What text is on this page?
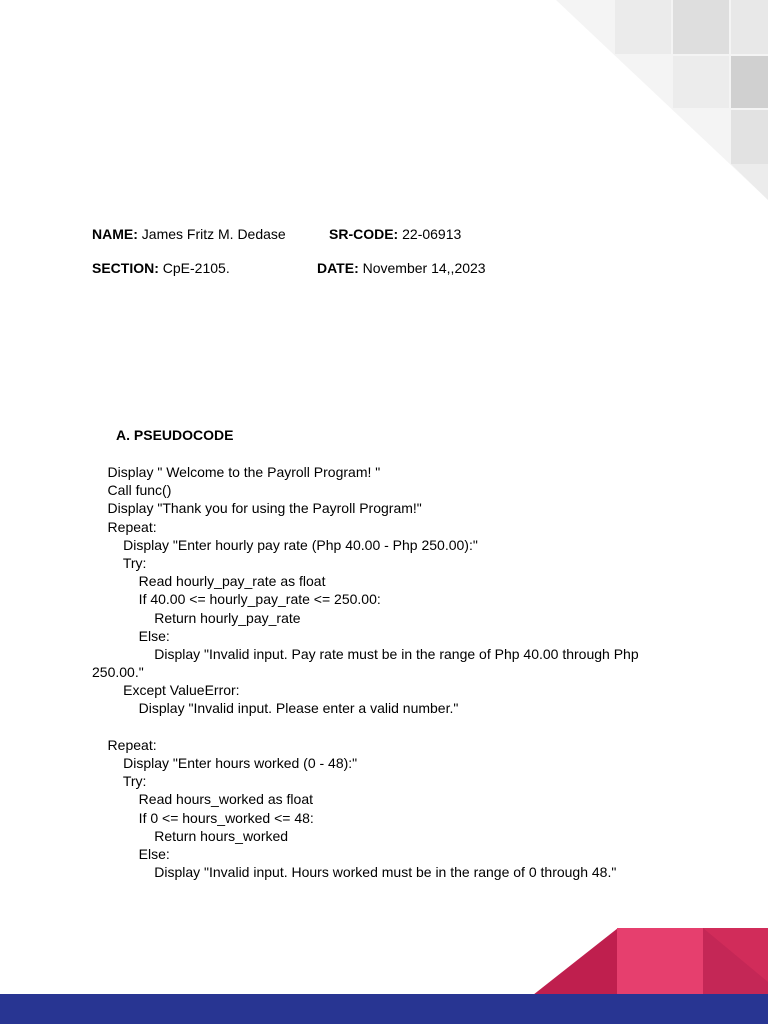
NAME: James Fritz M. Dedase	SR-CODE: 22-06913
SECTION: CpE-2105.	DATE: November 14,,2023
A. PSEUDOCODE
Display " Welcome to the Payroll Program! "
Call func()
Display "Thank you for using the Payroll Program!"
Repeat:
Display "Enter hourly pay rate (Php 40.00 - Php 250.00):"
Try:
Read hourly_pay_rate as float
If 40.00 <= hourly_pay_rate <= 250.00:
Return hourly_pay_rate
Else:
Display "Invalid input. Pay rate must be in the range of Php 40.00 through Php
250.00."
Except ValueError:
Display "Invalid input. Please enter a valid number."
Repeat:
Display "Enter hours worked (0 - 48):"
Try:
Read hours_worked as float
If 0 <= hours_worked <= 48:
Return hours_worked
Else:
Display "Invalid input. Hours worked must be in the range of 0 through 48."
